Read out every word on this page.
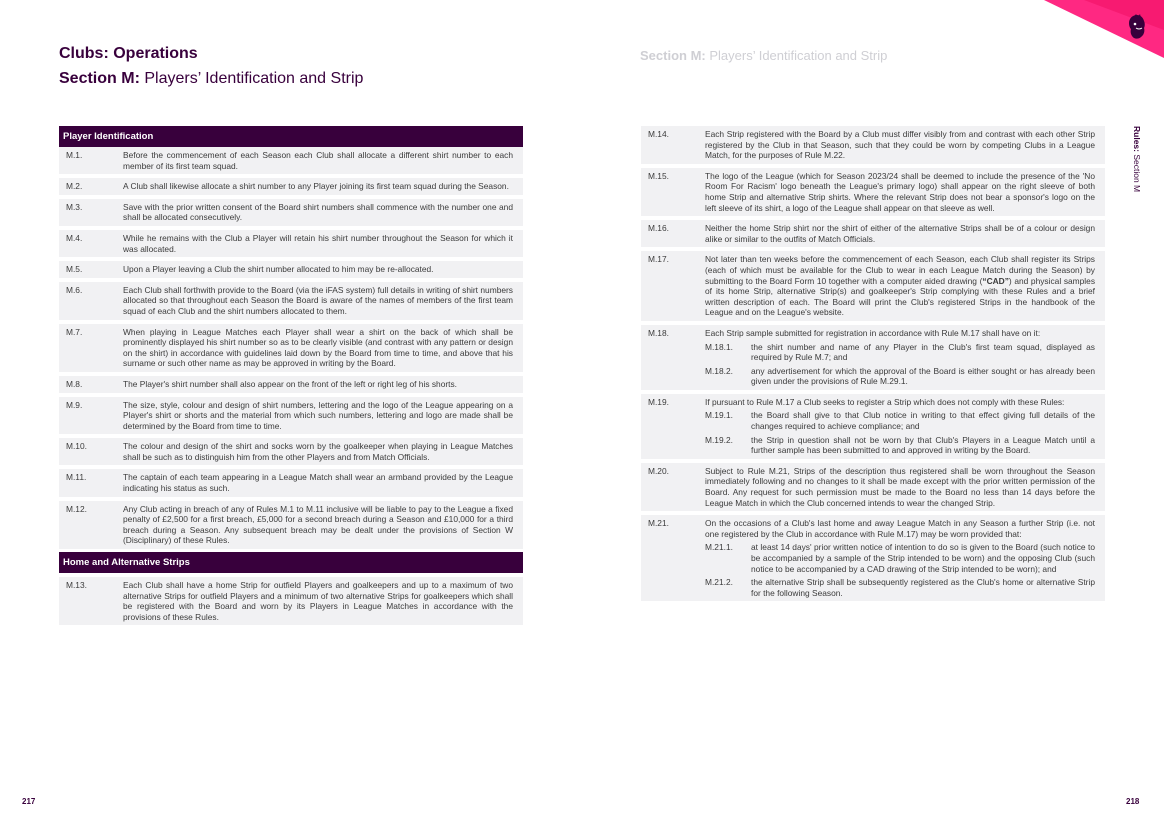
Clubs: Operations
Section M: Players’ Identification and Strip
Player Identification
M.1.	Before the commencement of each Season each Club shall allocate a different shirt number to each member of its first team squad.
M.2.	A Club shall likewise allocate a shirt number to any Player joining its first team squad during the Season.
M.3.	Save with the prior written consent of the Board shirt numbers shall commence with the number one and shall be allocated consecutively.
M.4.	While he remains with the Club a Player will retain his shirt number throughout the Season for which it was allocated.
M.5.	Upon a Player leaving a Club the shirt number allocated to him may be re-allocated.
M.6.	Each Club shall forthwith provide to the Board (via the iFAS system) full details in writing of shirt numbers allocated so that throughout each Season the Board is aware of the names of members of the first team squad of each Club and the shirt numbers allocated to them.
M.7.	When playing in League Matches each Player shall wear a shirt on the back of which shall be prominently displayed his shirt number so as to be clearly visible (and contrast with any pattern or design on the shirt) in accordance with guidelines laid down by the Board from time to time, and above that his surname or such other name as may be approved in writing by the Board.
M.8.	The Player's shirt number shall also appear on the front of the left or right leg of his shorts.
M.9.	The size, style, colour and design of shirt numbers, lettering and the logo of the League appearing on a Player's shirt or shorts and the material from which such numbers, lettering and logo are made shall be determined by the Board from time to time.
M.10.	The colour and design of the shirt and socks worn by the goalkeeper when playing in League Matches shall be such as to distinguish him from the other Players and from Match Officials.
M.11.	The captain of each team appearing in a League Match shall wear an armband provided by the League indicating his status as such.
M.12.	Any Club acting in breach of any of Rules M.1 to M.11 inclusive will be liable to pay to the League a fixed penalty of £2,500 for a first breach, £5,000 for a second breach during a Season and £10,000 for a third breach during a Season. Any subsequent breach may be dealt under the provisions of Section W (Disciplinary) of these Rules.
Home and Alternative Strips
M.13.	Each Club shall have a home Strip for outfield Players and goalkeepers and up to a maximum of two alternative Strips for outfield Players and a minimum of two alternative Strips for goalkeepers which shall be registered with the Board and worn by its Players in League Matches in accordance with the provisions of these Rules.
217
Section M: Players’ Identification and Strip
Rules: Section M
M.14.	Each Strip registered with the Board by a Club must differ visibly from and contrast with each other Strip registered by the Club in that Season, such that they could be worn by competing Clubs in a League Match, for the purposes of Rule M.22.
M.15.	The logo of the League (which for Season 2023/24 shall be deemed to include the presence of the 'No Room For Racism' logo beneath the League's primary logo) shall appear on the right sleeve of both home Strip and alternative Strip shirts. Where the relevant Strip does not bear a sponsor's logo on the left sleeve of its shirt, a logo of the League shall appear on that sleeve as well.
M.16.	Neither the home Strip shirt nor the shirt of either of the alternative Strips shall be of a colour or design alike or similar to the outfits of Match Officials.
M.17.	Not later than ten weeks before the commencement of each Season, each Club shall register its Strips (each of which must be available for the Club to wear in each League Match during the Season) by submitting to the Board Form 10 together with a computer aided drawing (“CAD”) and physical samples of its home Strip, alternative Strip(s) and goalkeeper's Strip complying with these Rules and a brief written description of each. The Board will print the Club's registered Strips in the handbook of the League and on the League's website.
M.18.	Each Strip sample submitted for registration in accordance with Rule M.17 shall have on it:
M.18.1.	the shirt number and name of any Player in the Club's first team squad, displayed as required by Rule M.7; and
M.18.2.	any advertisement for which the approval of the Board is either sought or has already been given under the provisions of Rule M.29.1.
M.19.	If pursuant to Rule M.17 a Club seeks to register a Strip which does not comply with these Rules:
M.19.1.	the Board shall give to that Club notice in writing to that effect giving full details of the changes required to achieve compliance; and
M.19.2.	the Strip in question shall not be worn by that Club's Players in a League Match until a further sample has been submitted to and approved in writing by the Board.
M.20.	Subject to Rule M.21, Strips of the description thus registered shall be worn throughout the Season immediately following and no changes to it shall be made except with the prior written permission of the Board. Any request for such permission must be made to the Board no less than 14 days before the League Match in which the Club concerned intends to wear the changed Strip.
M.21.	On the occasions of a Club's last home and away League Match in any Season a further Strip (i.e. not one registered by the Club in accordance with Rule M.17) may be worn provided that:
M.21.1.	at least 14 days' prior written notice of intention to do so is given to the Board (such notice to be accompanied by a sample of the Strip intended to be worn) and the opposing Club (such notice to be accompanied by a CAD drawing of the Strip intended to be worn); and
M.21.2.	the alternative Strip shall be subsequently registered as the Club's home or alternative Strip for the following Season.
218
